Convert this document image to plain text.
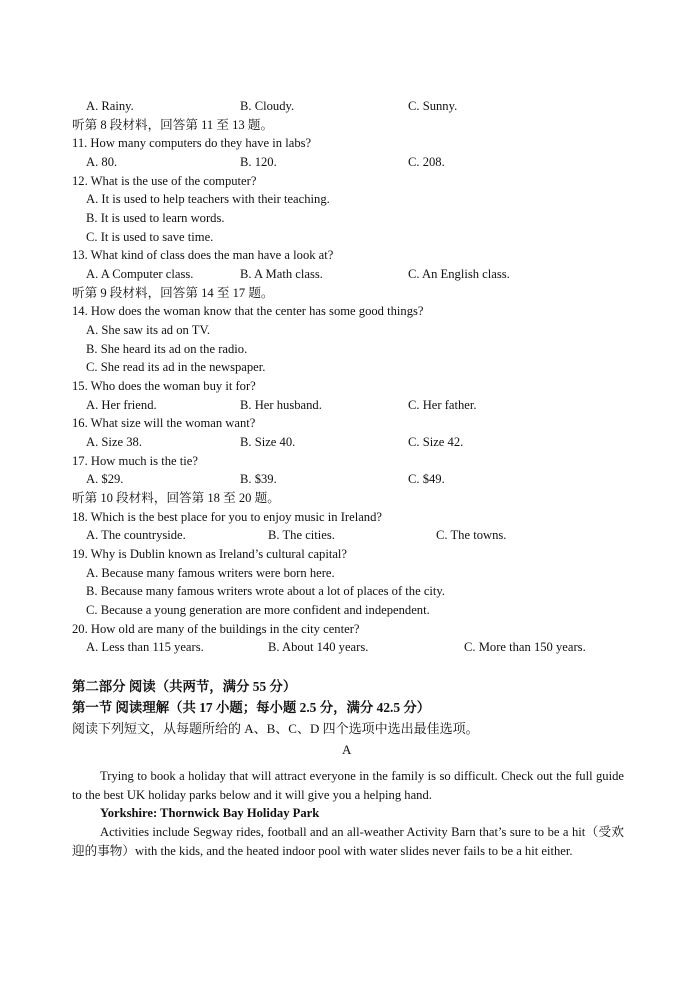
A. Rainy.	B. Cloudy.	C. Sunny.
听第 8 段材料，回答第 11 至 13 题。
11. How many computers do they have in labs?
A. 80.	B. 120.	C. 208.
12. What is the use of the computer?
A. It is used to help teachers with their teaching.
B. It is used to learn words.
C. It is used to save time.
13. What kind of class does the man have a look at?
A. A Computer class.	B. A Math class.	C. An English class.
听第 9 段材料，回答第 14 至 17 题。
14. How does the woman know that the center has some good things?
A. She saw its ad on TV.
B. She heard its ad on the radio.
C. She read its ad in the newspaper.
15. Who does the woman buy it for?
A. Her friend.	B. Her husband.	C. Her father.
16. What size will the woman want?
A. Size 38.	B. Size 40.	C. Size 42.
17. How much is the tie?
A. $29.	B. $39.	C. $49.
听第 10 段材料，回答第 18 至 20 题。
18. Which is the best place for you to enjoy music in Ireland?
A. The countryside.	B. The cities.	C. The towns.
19. Why is Dublin known as Ireland’s cultural capital?
A. Because many famous writers were born here.
B. Because many famous writers wrote about a lot of places of the city.
C. Because a young generation are more confident and independent.
20. How old are many of the buildings in the city center?
A. Less than 115 years.	B. About 140 years.	C. More than 150 years.
第二部分 阅读（共两节，满分 55 分）
第一节 阅读理解（共 17 小题；每小题 2.5 分，满分 42.5 分）
阅读下列短文，从每题所给的 A、B、C、D 四个选项中选出最佳选项。
A
Trying to book a holiday that will attract everyone in the family is so difficult. Check out the full guide to the best UK holiday parks below and it will give you a helping hand.
Yorkshire: Thornwick Bay Holiday Park
Activities include Segway rides, football and an all-weather Activity Barn that’s sure to be a hit（受欢迎的事物）with the kids, and the heated indoor pool with water slides never fails to be a hit either.
